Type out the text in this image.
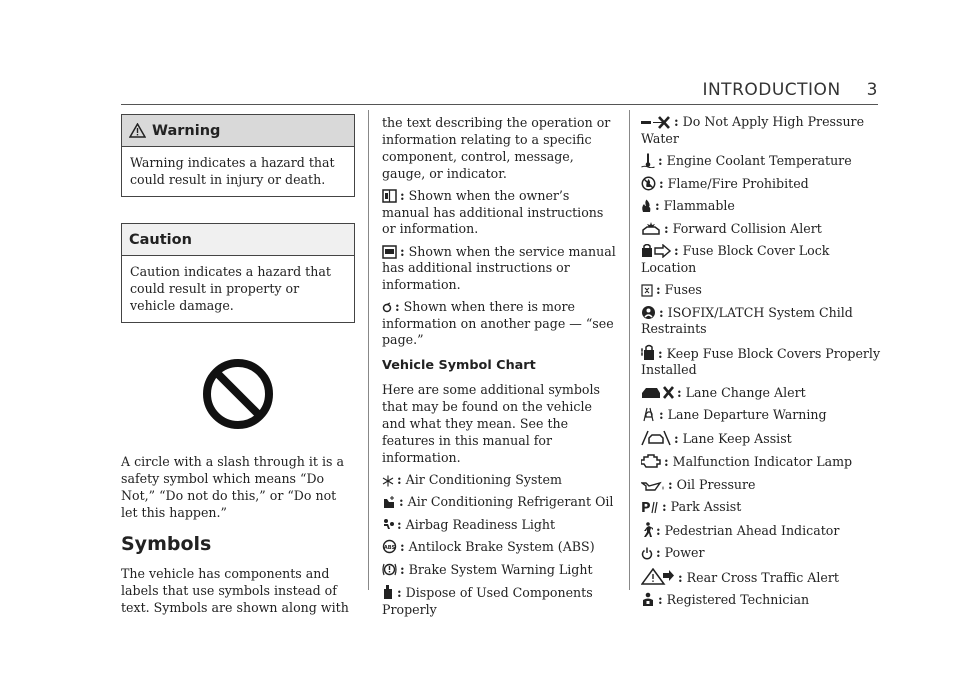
INTRODUCTION 3
Warning
Warning indicates a hazard that could result in injury or death.
Caution
Caution indicates a hazard that could result in property or vehicle damage.

A circle with a slash through it is a safety symbol which means “Do Not,” “Do not do this,” or “Do not let this happen.”

Symbols

The vehicle has components and labels that use symbols instead of text. Symbols are shown along with

the text describing the operation or information relating to a specific component, control, message, gauge, or indicator.

: Shown when the owner’s manual has additional instructions or information.

: Shown when the service manual has additional instructions or information.

: Shown when there is more information on another page — “see page.”

Vehicle Symbol Chart

Here are some additional symbols that may be found on the vehicle and what they mean. See the features in this manual for information.

: Air Conditioning System

: Air Conditioning Refrigerant Oil

: Airbag Readiness Light

ABS : Antilock Brake System (ABS)

: Brake System Warning Light

: Dispose of Used Components Properly

: Do Not Apply High Pressure Water

: Engine Coolant Temperature

: Flame/Fire Prohibited

: Flammable

: Forward Collision Alert

: Fuse Block Cover Lock Location

: Fuses

: ISOFIX/LATCH System Child Restraints

: Keep Fuse Block Covers Properly Installed

: Lane Change Alert

: Lane Departure Warning

: Lane Keep Assist

: Malfunction Indicator Lamp

: Oil Pressure

P : Park Assist

: Pedestrian Ahead Indicator

: Power

: Rear Cross Traffic Alert

: Registered Technician
